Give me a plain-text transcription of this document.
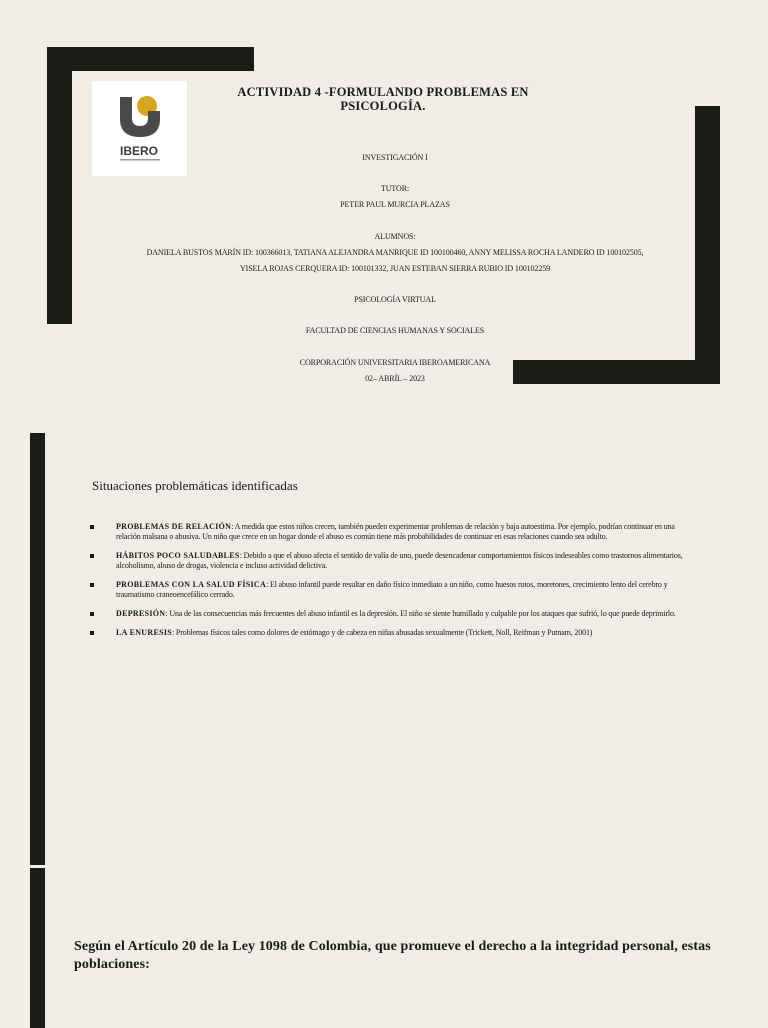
IBERO
ACTIVIDAD 4 -FORMULANDO PROBLEMAS EN PSICOLOGÍA.
INVESTIGACIÓN I
TUTOR:
PETER PAUL MURCIA PLAZAS
ALUMNOS:
DANIELA BUSTOS MARÍN ID: 100366013, TATIANA ALEJANDRA MANRIQUE ID 100100460, ANNY MELISSA ROCHA LANDERO ID 100102505,
YISELA ROJAS CERQUERA ID: 100101332, JUAN ESTEBAN SIERRA RUBIO ID 100102259
PSICOLOGÍA VIRTUAL
FACULTAD DE CIENCIAS HUMANAS Y SOCIALES
CORPORACIÓN UNIVERSITARIA IBEROAMERICANA
02– ABRÍL – 2023
Situaciones problemáticas identificadas
PROBLEMAS DE RELACIÓN: A medida que estos niños crecen, también pueden experimentar problemas de relación y baja autoestima. Por ejemplo, podrían continuar en una relación malsana o abusiva. Un niño que crece en un hogar donde el abuso es común tiene más probabilidades de continuar en esas relaciones cuando sea adulto.
HÁBITOS POCO SALUDABLES: Debido a que el abuso afecta el sentido de valía de uno, puede desencadenar comportamientos físicos indeseables como trastornos alimentarios, alcoholismo, abuso de drogas, violencia e incluso actividad delictiva.
PROBLEMAS CON LA SALUD FÍSICA: El abuso infantil puede resultar en daño físico inmediato a un niño, como huesos rotos, moretones, crecimiento lento del cerebro y traumatismo craneoencefálico cerrado.
DEPRESIÓN: Una de las consecuencias más frecuentes del abuso infantil es la depresión. El niño se siente humillado y culpable por los ataques que sufrió, lo que puede deprimirlo.
LA ENURESIS: Problemas físicos tales como dolores de estómago y de cabeza en niñas abusadas sexualmente (Trickett, Noll, Reifman y Putnam, 2001)
Según el Artículo 20 de la Ley 1098 de Colombia, que promueve el derecho a la integridad personal, estas poblaciones:
